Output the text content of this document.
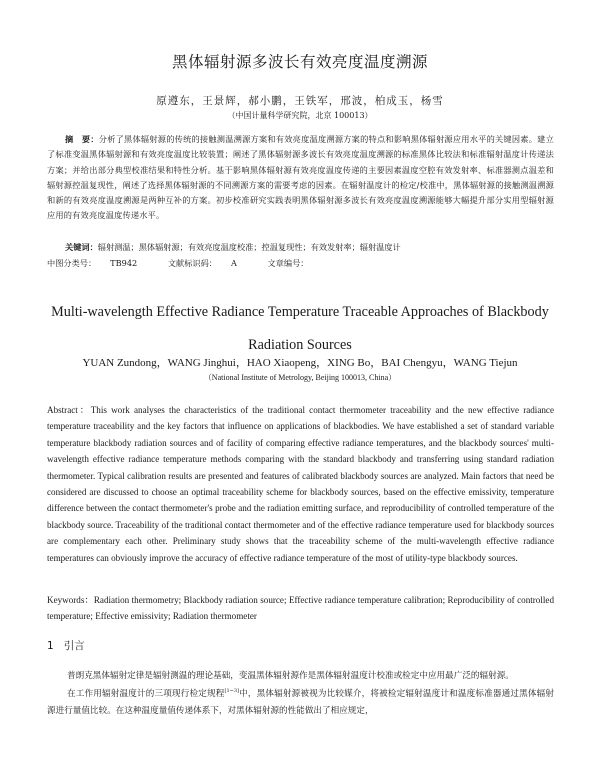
黑体辐射源多波长有效亮度温度溯源
原遵东，王景辉，郝小鹏，王铁军，邢波，柏成玉，杨雪
（中国计量科学研究院，北京 100013）
摘　要：分析了黑体辐射源的传统的接触测温溯源方案和有效亮度温度溯源方案的特点和影响黑体辐射源应用水平的关键因素。建立了标准变温黑体辐射源和有效亮度温度比较装置；阐述了黑体辐射源多波长有效亮度温度溯源的标准黑体比较法和标准辐射温度计传递法方案；并给出部分典型校准结果和特性分析。基于影响黑体辐射源有效亮度温度传递的主要因素温度空腔有效发射率、标准器测点温差和辐射源控温复现性，阐述了选择黑体辐射源的不同溯源方案的需要考虑的因素。在辐射温度计的检定/校准中，黑体辐射源的接触测温溯源和新的有效亮度温度溯源是两种互补的方案。初步校准研究实践表明黑体辐射源多波长有效亮度温度溯源能够大幅提升部分实用型辐射源应用的有效亮度温度传递水平。
关键词：辐射测温；黑体辐射源；有效亮度温度校准；控温复现性；有效发射率；辐射温度计
中图分类号： TB942	文献标识码： A	文章编号：
Multi-wavelength Effective Radiance Temperature Traceable Approaches of Blackbody Radiation Sources
YUAN Zundong，WANG Jinghui，HAO Xiaopeng，XING Bo，BAI Chengyu，WANG Tiejun
（National Institute of Metrology, Beijing 100013, China）
Abstract：This work analyses the characteristics of the traditional contact thermometer traceability and the new effective radiance temperature traceability and the key factors that influence on applications of blackbodies. We have established a set of standard variable temperature blackbody radiation sources and of facility of comparing effective radiance temperatures, and the blackbody sources' multi-wavelength effective radiance temperature methods comparing with the standard blackbody and transferring using standard radiation thermometer. Typical calibration results are presented and features of calibrated blackbody sources are analyzed. Main factors that need be considered are discussed to choose an optimal traceability scheme for blackbody sources, based on the effective emissivity, temperature difference between the contact thermometer's probe and the radiation emitting surface, and reproducibility of controlled temperature of the blackbody source. Traceability of the traditional contact thermometer and of the effective radiance temperature used for blackbody sources are complementary each other. Preliminary study shows that the traceability scheme of the multi-wavelength effective radiance temperatures can obviously improve the accuracy of effective radiance temperature of the most of utility-type blackbody sources.
Keywords：Radiation thermometry; Blackbody radiation source; Effective radiance temperature calibration; Reproducibility of controlled temperature; Effective emissivity; Radiation thermometer
1 引言

普朗克黑体辐射定律是辐射测温的理论基础，变温黑体辐射源作是黑体辐射温度计校准或检定中应用最广泛的辐射源。

在工作用辐射温度计的三项现行检定规程[1~3]中，黑体辐射源被视为比较媒介，将被检定辐射温度计和温度标准器通过黑体辐射源进行量值比较。在这种温度量值传递体系下，对黑体辐射源的性能做出了相应规定，
